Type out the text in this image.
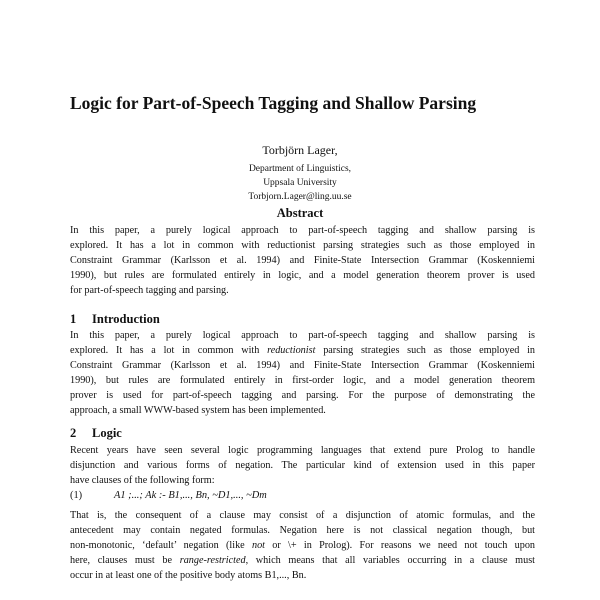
Logic for Part-of-Speech Tagging and Shallow Parsing
Torbjörn Lager,
Department of Linguistics,
Uppsala University
Torbjorn.Lager@ling.uu.se
Abstract
In this paper, a purely logical approach to part-of-speech tagging and shallow parsing is
explored. It has a lot in common with reductionist parsing strategies such as those employed in
Constraint Grammar (Karlsson et al. 1994) and Finite-State Intersection Grammar (Koskenniemi
1990), but rules are formulated entirely in logic, and a model generation theorem prover is used
for part-of-speech tagging and parsing.
1 Introduction
In this paper, a purely logical approach to part-of-speech tagging and shallow parsing is
explored. It has a lot in common with reductionist parsing strategies such as those employed in
Constraint Grammar (Karlsson et al. 1994) and Finite-State Intersection Grammar (Koskenniemi
1990), but rules are formulated entirely in first-order logic, and a model generation theorem
prover is used for part-of-speech tagging and parsing. For the purpose of demonstrating the
approach, a small WWW-based system has been implemented.
2 Logic
Recent years have seen several logic programming languages that extend pure Prolog to handle
disjunction and various forms of negation. The particular kind of extension used in this paper
have clauses of the following form:
(1)	A1 ;...; Ak :- B1,..., Bn, ~D1,..., ~Dm
That is, the consequent of a clause may consist of a disjunction of atomic formulas, and the
antecedent may contain negated formulas. Negation here is not classical negation though, but
non-monotonic, ‘default’ negation (like not or \+ in Prolog). For reasons we need not touch upon
here, clauses must be range-restricted, which means that all variables occurring in a clause must
occur in at least one of the positive body atoms B1,..., Bn.
